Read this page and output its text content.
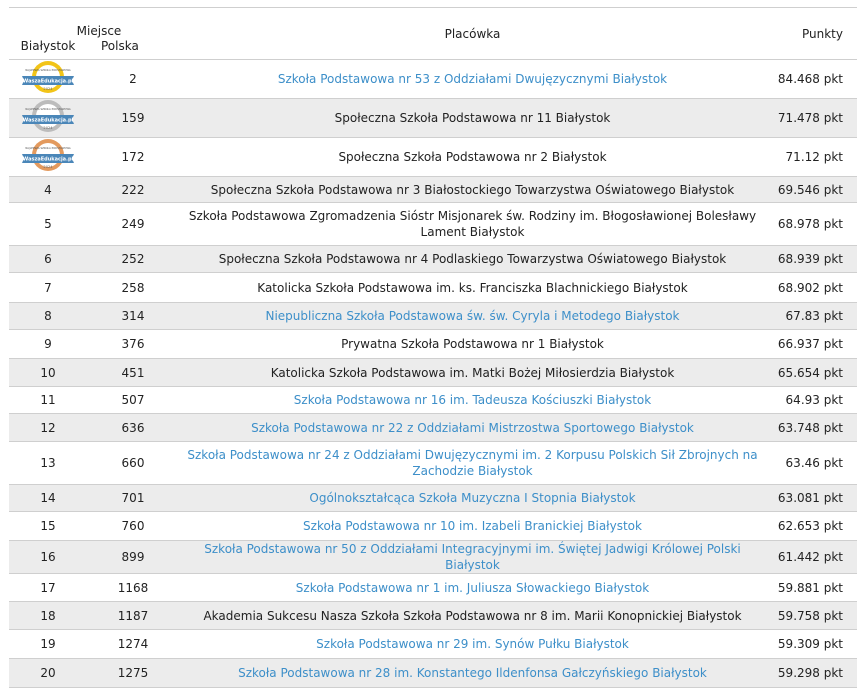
Miejsce
Białystok Polska		Placówka	Punkty

NAJLEPSZA SZKOŁA PODSTAWOWA
WaszaEdukacja.pl
2024	2	Szkoła Podstawowa nr 53 z Oddziałami Dwujęzycznymi Białystok	84.468 pkt

NAJLEPSZA SZKOŁA PODSTAWOWA
WaszaEdukacja.pl
2024	159	Społeczna Szkoła Podstawowa nr 11 Białystok	71.478 pkt

NAJLEPSZA SZKOŁA PODSTAWOWA
WaszaEdukacja.pl
2024	172	Społeczna Szkoła Podstawowa nr 2 Białystok	71.12 pkt
4	222	Społeczna Szkoła Podstawowa nr 3 Białostockiego Towarzystwa Oświatowego Białystok	69.546 pkt
5	249	Szkoła Podstawowa Zgromadzenia Sióstr Misjonarek św. Rodziny im. Błogosławionej Bolesławy Lament Białystok	68.978 pkt
6	252	Społeczna Szkoła Podstawowa nr 4 Podlaskiego Towarzystwa Oświatowego Białystok	68.939 pkt
7	258	Katolicka Szkoła Podstawowa im. ks. Franciszka Blachnickiego Białystok	68.902 pkt
8	314	Niepubliczna Szkoła Podstawowa św. św. Cyryla i Metodego Białystok	67.83 pkt
9	376	Prywatna Szkoła Podstawowa nr 1 Białystok	66.937 pkt
10	451	Katolicka Szkoła Podstawowa im. Matki Bożej Miłosierdzia Białystok	65.654 pkt
11	507	Szkoła Podstawowa nr 16 im. Tadeusza Kościuszki Białystok	64.93 pkt
12	636	Szkoła Podstawowa nr 22 z Oddziałami Mistrzostwa Sportowego Białystok	63.748 pkt
13	660	Szkoła Podstawowa nr 24 z Oddziałami Dwujęzycznymi im. 2 Korpusu Polskich Sił Zbrojnych na Zachodzie Białystok	63.46 pkt
14	701	Ogólnokształcąca Szkoła Muzyczna I Stopnia Białystok	63.081 pkt
15	760	Szkoła Podstawowa nr 10 im. Izabeli Branickiej Białystok	62.653 pkt
16	899	Szkoła Podstawowa nr 50 z Oddziałami Integracyjnymi im. Świętej Jadwigi Królowej Polski Białystok	61.442 pkt
17	1168	Szkoła Podstawowa nr 1 im. Juliusza Słowackiego Białystok	59.881 pkt
18	1187	Akademia Sukcesu Nasza Szkoła Szkoła Podstawowa nr 8 im. Marii Konopnickiej Białystok	59.758 pkt
19	1274	Szkoła Podstawowa nr 29 im. Synów Pułku Białystok	59.309 pkt
20	1275	Szkoła Podstawowa nr 28 im. Konstantego Ildenfonsa Gałczyńskiego Białystok	59.298 pkt
